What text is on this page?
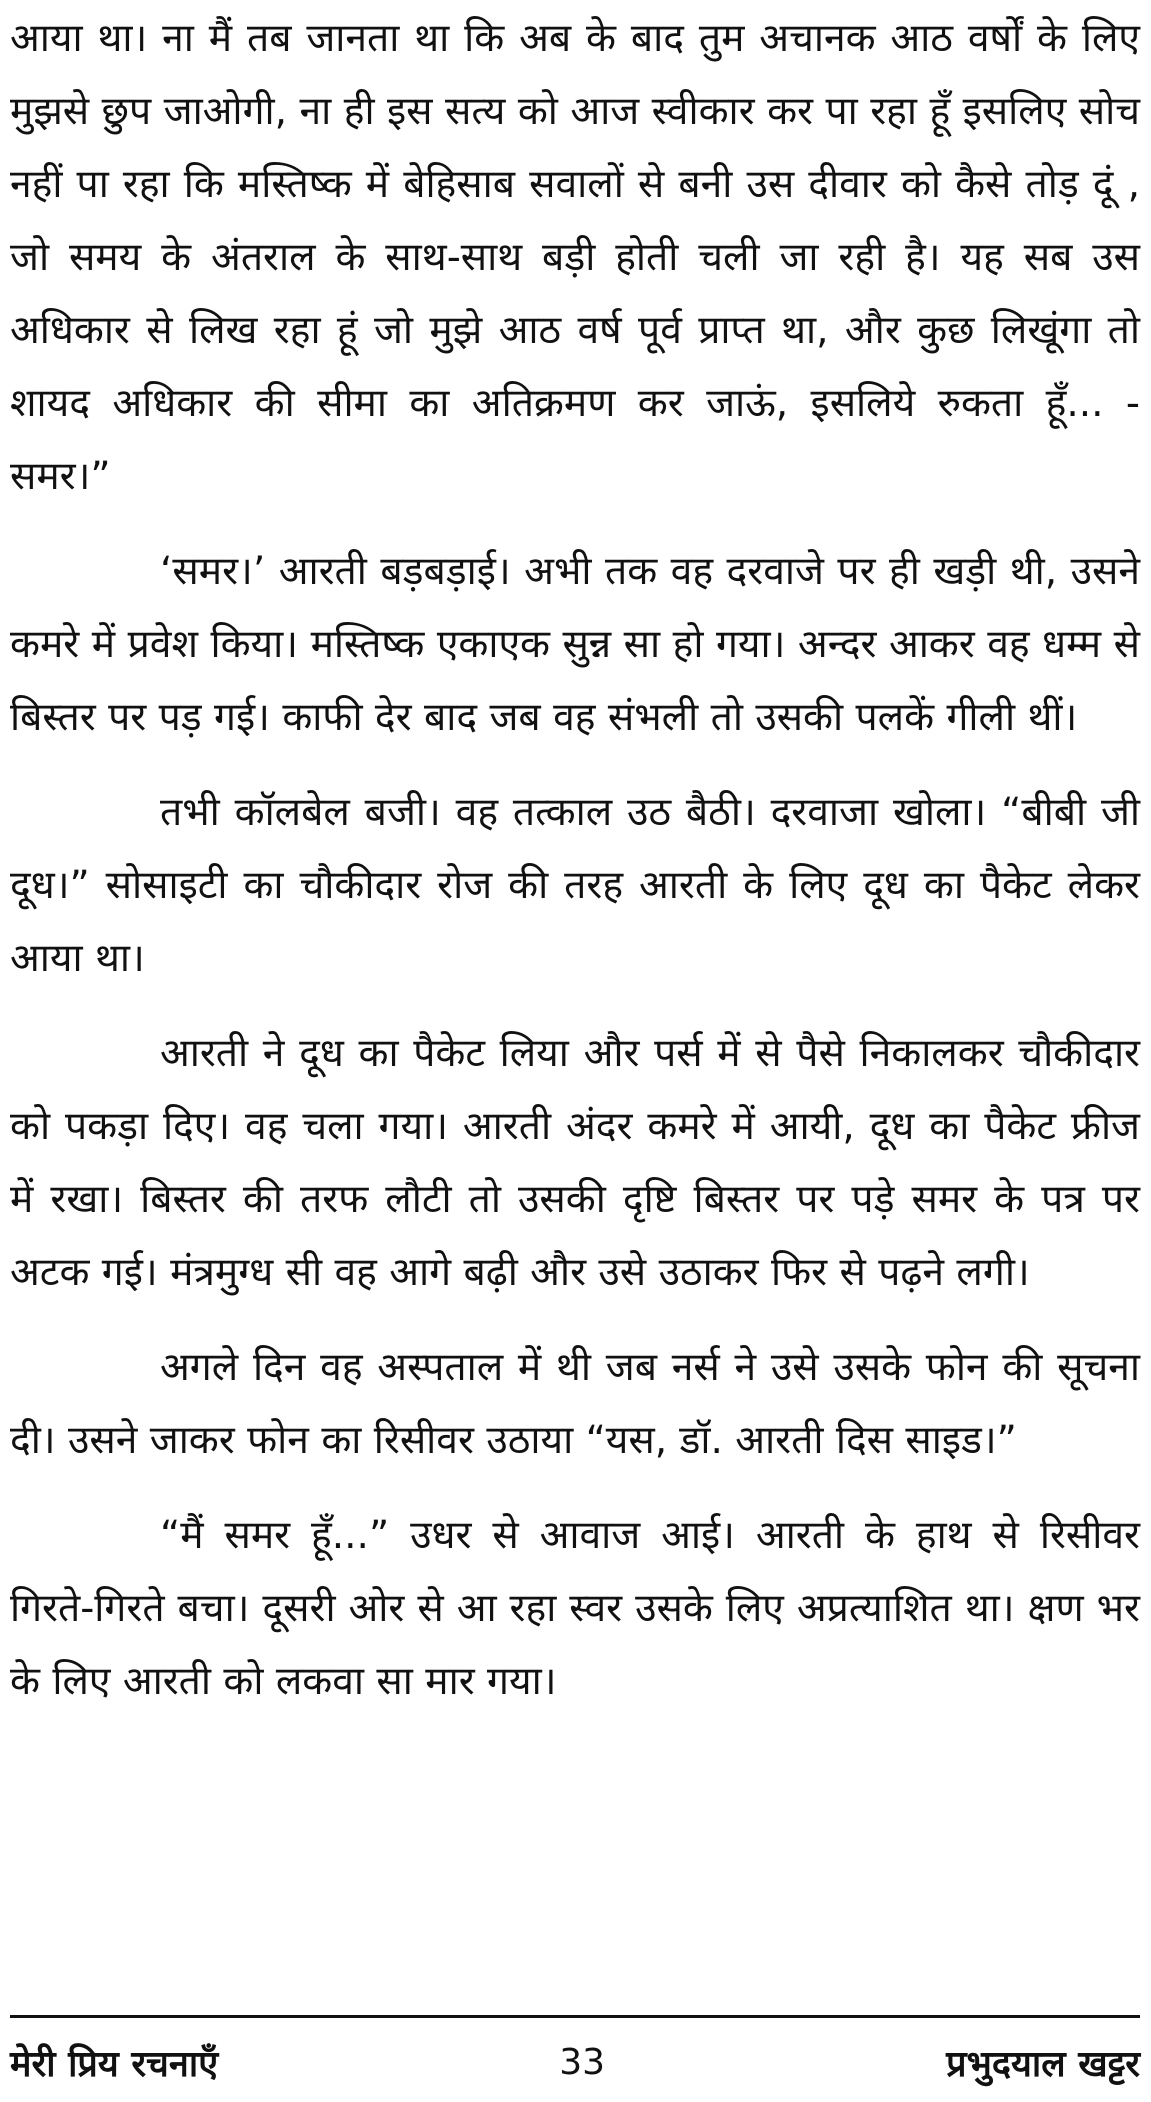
आया था। ना मैं तब जानता था कि अब के बाद तुम अचानक आठ वर्षों के लिए मुझसे छुप जाओगी, ना ही इस सत्य को आज स्वीकार कर पा रहा हूँ इसलिए सोच नहीं पा रहा कि मस्तिष्क में बेहिसाब सवालों से बनी उस दीवार को कैसे तोड़ दूं , जो समय के अंतराल के साथ-साथ बड़ी होती चली जा रही है। यह सब उस अधिकार से लिख रहा हूं जो मुझे आठ वर्ष पूर्व प्राप्त था, और कुछ लिखूंगा तो शायद अधिकार की सीमा का अतिक्रमण कर जाऊं, इसलिये रुकता हूँ... - समर।”

‘समर।’ आरती बड़बड़ाई। अभी तक वह दरवाजे पर ही खड़ी थी, उसने कमरे में प्रवेश किया। मस्तिष्क एकाएक सुन्न सा हो गया। अन्दर आकर वह धम्म से बिस्तर पर पड़ गई। काफी देर बाद जब वह संभली तो उसकी पलकें गीली थीं।

तभी कॉलबेल बजी। वह तत्काल उठ बैठी। दरवाजा खोला। “बीबी जी दूध।” सोसाइटी का चौकीदार रोज की तरह आरती के लिए दूध का पैकेट लेकर आया था।

आरती ने दूध का पैकेट लिया और पर्स में से पैसे निकालकर चौकीदार को पकड़ा दिए। वह चला गया। आरती अंदर कमरे में आयी, दूध का पैकेट फ्रीज में रखा। बिस्तर की तरफ लौटी तो उसकी दृष्टि बिस्तर पर पड़े समर के पत्र पर अटक गई। मंत्रमुग्ध सी वह आगे बढ़ी और उसे उठाकर फिर से पढ़ने लगी।

अगले दिन वह अस्पताल में थी जब नर्स ने उसे उसके फोन की सूचना दी। उसने जाकर फोन का रिसीवर उठाया “यस, डॉ. आरती दिस साइड।”

“मैं समर हूँ...” उधर से आवाज आई। आरती के हाथ से रिसीवर गिरते-गिरते बचा। दूसरी ओर से आ रहा स्वर उसके लिए अप्रत्याशित था। क्षण भर के लिए आरती को लकवा सा मार गया।

मेरी प्रिय रचनाएँ	33	प्रभुदयाल खट्टर
